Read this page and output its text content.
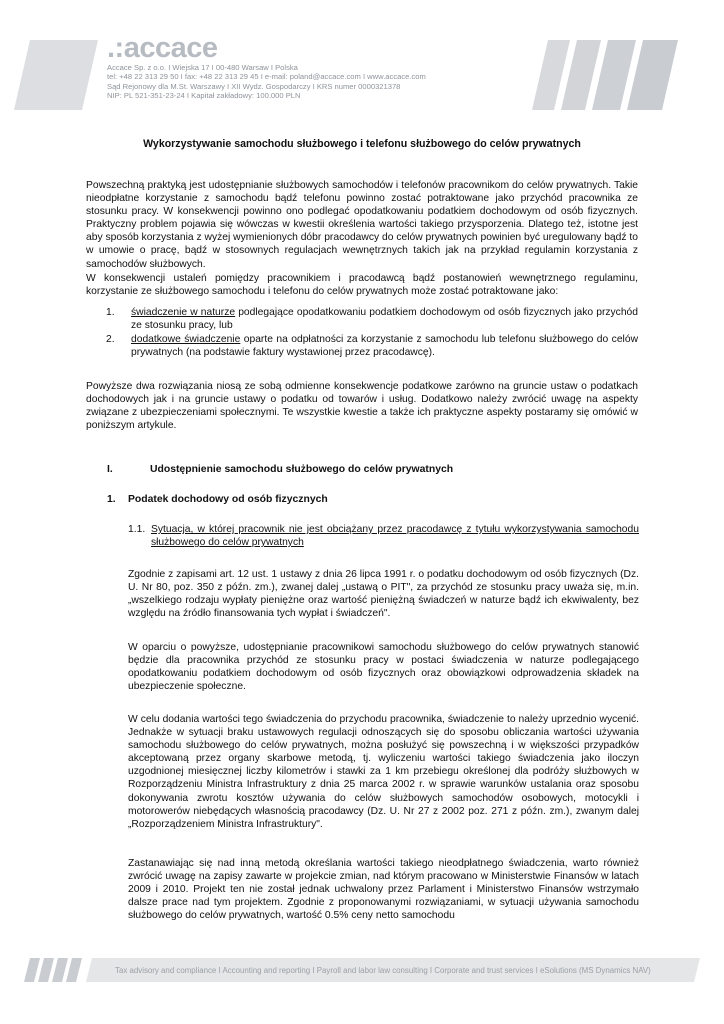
.:accace
Accace Sp. z o.o. I Wiejska 17 I 00-480 Warsaw I Polska
tel: +48 22 313 29 50 I fax: +48 22 313 29 45 I e-mail: poland@accace.com I www.accace.com
Sąd Rejonowy dla M.St. Warszawy I XII Wydz. Gospodarczy I KRS numer 0000321378
NIP: PL 521-351-23-24 I Kapitał zakładowy: 100.000 PLN
Wykorzystywanie samochodu służbowego i telefonu służbowego do celów prywatnych

Powszechną praktyką jest udostępnianie służbowych samochodów i telefonów pracownikom do celów prywatnych. Takie nieodpłatne korzystanie z samochodu bądź telefonu powinno zostać potraktowane jako przychód pracownika ze stosunku pracy. W konsekwencji powinno ono podlegać opodatkowaniu podatkiem dochodowym od osób fizycznych. Praktyczny problem pojawia się wówczas w kwestii określenia wartości takiego przysporzenia. Dlatego też, istotne jest aby sposób korzystania z wyżej wymienionych dóbr pracodawcy do celów prywatnych powinien być uregulowany bądź to w umowie o pracę, bądź w stosownych regulacjach wewnętrznych takich jak na przykład regulamin korzystania z samochodów służbowych.

W konsekwencji ustaleń pomiędzy pracownikiem i pracodawcą bądź postanowień wewnętrznego regulaminu, korzystanie ze służbowego samochodu i telefonu do celów prywatnych może zostać potraktowane jako:

1. świadczenie w naturze podlegające opodatkowaniu podatkiem dochodowym od osób fizycznych jako przychód ze stosunku pracy, lub
2. dodatkowe świadczenie oparte na odpłatności za korzystanie z samochodu lub telefonu służbowego do celów prywatnych (na podstawie faktury wystawionej przez pracodawcę).

Powyższe dwa rozwiązania niosą ze sobą odmienne konsekwencje podatkowe zarówno na gruncie ustaw o podatkach dochodowych jak i na gruncie ustawy o podatku od towarów i usług. Dodatkowo należy zwrócić uwagę na aspekty związane z ubezpieczeniami społecznymi. Te wszystkie kwestie a także ich praktyczne aspekty postaramy się omówić w poniższym artykule.

I.	Udostępnienie samochodu służbowego do celów prywatnych
1. Podatek dochodowy od osób fizycznych
1.1. Sytuacja, w której pracownik nie jest obciążany przez pracodawcę z tytułu wykorzystywania samochodu służbowego do celów prywatnych

Zgodnie z zapisami art. 12 ust. 1 ustawy z dnia 26 lipca 1991 r. o podatku dochodowym od osób fizycznych (Dz. U. Nr 80, poz. 350 z późn. zm.), zwanej dalej „ustawą o PIT", za przychód ze stosunku pracy uważa się, m.in. „wszelkiego rodzaju wypłaty pieniężne oraz wartość pieniężną świadczeń w naturze bądź ich ekwiwalenty, bez względu na źródło finansowania tych wypłat i świadczeń".

W oparciu o powyższe, udostępnianie pracownikowi samochodu służbowego do celów prywatnych stanowić będzie dla pracownika przychód ze stosunku pracy w postaci świadczenia w naturze podlegającego opodatkowaniu podatkiem dochodowym od osób fizycznych oraz obowiązkowi odprowadzenia składek na ubezpieczenie społeczne.

W celu dodania wartości tego świadczenia do przychodu pracownika, świadczenie to należy uprzednio wycenić. Jednakże w sytuacji braku ustawowych regulacji odnoszących się do sposobu obliczania wartości używania samochodu służbowego do celów prywatnych, można posłużyć się powszechną i w większości przypadków akceptowaną przez organy skarbowe metodą, tj. wyliczeniu wartości takiego świadczenia jako iloczyn uzgodnionej miesięcznej liczby kilometrów i stawki za 1 km przebiegu określonej dla podróży służbowych w Rozporządzeniu Ministra Infrastruktury z dnia 25 marca 2002 r. w sprawie warunków ustalania oraz sposobu dokonywania zwrotu kosztów używania do celów służbowych samochodów osobowych, motocykli i motorowerów niebędących własnością pracodawcy (Dz. U. Nr 27 z 2002 poz. 271 z późn. zm.), zwanym dalej „Rozporządzeniem Ministra Infrastruktury".

Zastanawiając się nad inną metodą określania wartości takiego nieodpłatnego świadczenia, warto również zwrócić uwagę na zapisy zawarte w projekcie zmian, nad którym pracowano w Ministerstwie Finansów w latach 2009 i 2010. Projekt ten nie został jednak uchwalony przez Parlament i Ministerstwo Finansów wstrzymało dalsze prace nad tym projektem. Zgodnie z proponowanymi rozwiązaniami, w sytuacji używania samochodu służbowego do celów prywatnych, wartość 0.5% ceny netto samochodu

Tax advisory and compliance I Accounting and reporting I Payroll and labor law consulting I Corporate and trust services I eSolutions (MS Dynamics NAV)
